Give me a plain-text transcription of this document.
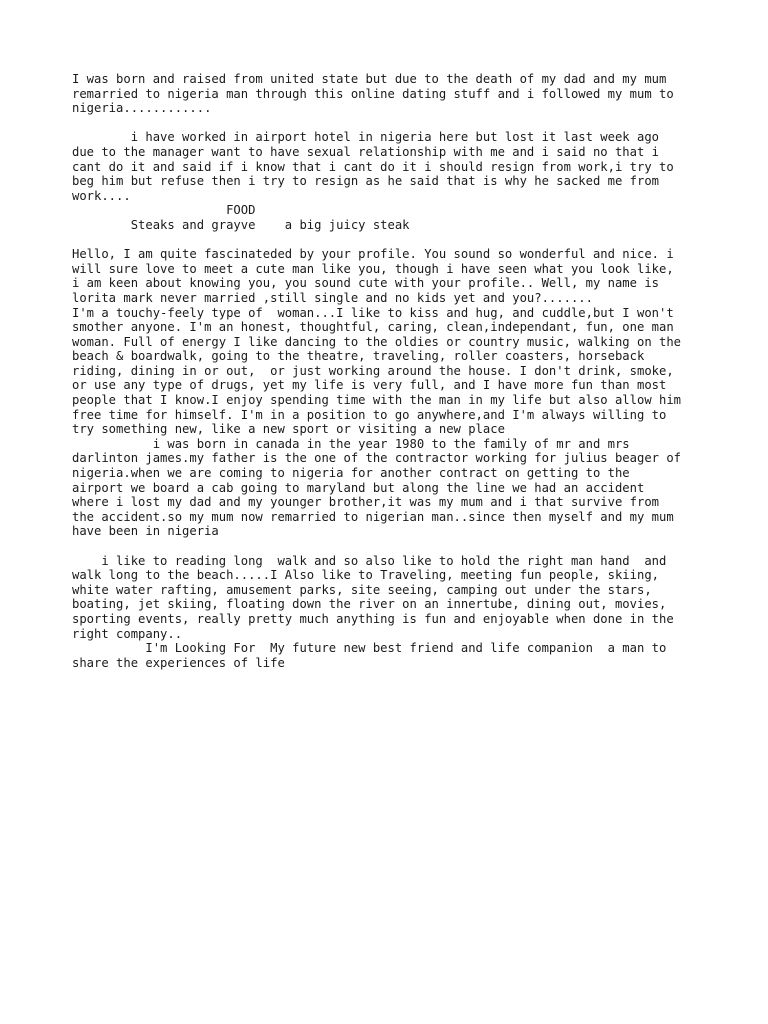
I was born and raised from united state but due to the death of my dad and my mum
remarried to nigeria man through this online dating stuff and i followed my mum to
nigeria............

i have worked in airport hotel in nigeria here but lost it last week ago
due to the manager want to have sexual relationship with me and i said no that i
cant do it and said if i know that i cant do it i should resign from work,i try to
beg him but refuse then i try to resign as he said that is why he sacked me from
work....
FOOD
Steaks and grayve    a big juicy steak

Hello, I am quite fascinateded by your profile. You sound so wonderful and nice. i
will sure love to meet a cute man like you, though i have seen what you look like,
i am keen about knowing you, you sound cute with your profile.. Well, my name is
lorita mark never married ,still single and no kids yet and you?.......
I'm a touchy-feely type of  woman...I like to kiss and hug, and cuddle,but I won't
smother anyone. I'm an honest, thoughtful, caring, clean,independant, fun, one man
woman. Full of energy I like dancing to the oldies or country music, walking on the
beach & boardwalk, going to the theatre, traveling, roller coasters, horseback
riding, dining in or out,  or just working around the house. I don't drink, smoke,
or use any type of drugs, yet my life is very full, and I have more fun than most
people that I know.I enjoy spending time with the man in my life but also allow him
free time for himself. I'm in a position to go anywhere,and I'm always willing to
try something new, like a new sport or visiting a new place
i was born in canada in the year 1980 to the family of mr and mrs
darlinton james.my father is the one of the contractor working for julius beager of
nigeria.when we are coming to nigeria for another contract on getting to the
airport we board a cab going to maryland but along the line we had an accident
where i lost my dad and my younger brother,it was my mum and i that survive from
the accident.so my mum now remarried to nigerian man..since then myself and my mum
have been in nigeria

i like to reading long  walk and so also like to hold the right man hand  and
walk long to the beach.....I Also like to Traveling, meeting fun people, skiing,
white water rafting, amusement parks, site seeing, camping out under the stars,
boating, jet skiing, floating down the river on an innertube, dining out, movies,
sporting events, really pretty much anything is fun and enjoyable when done in the
right company..
I'm Looking For  My future new best friend and life companion  a man to
share the experiences of life
